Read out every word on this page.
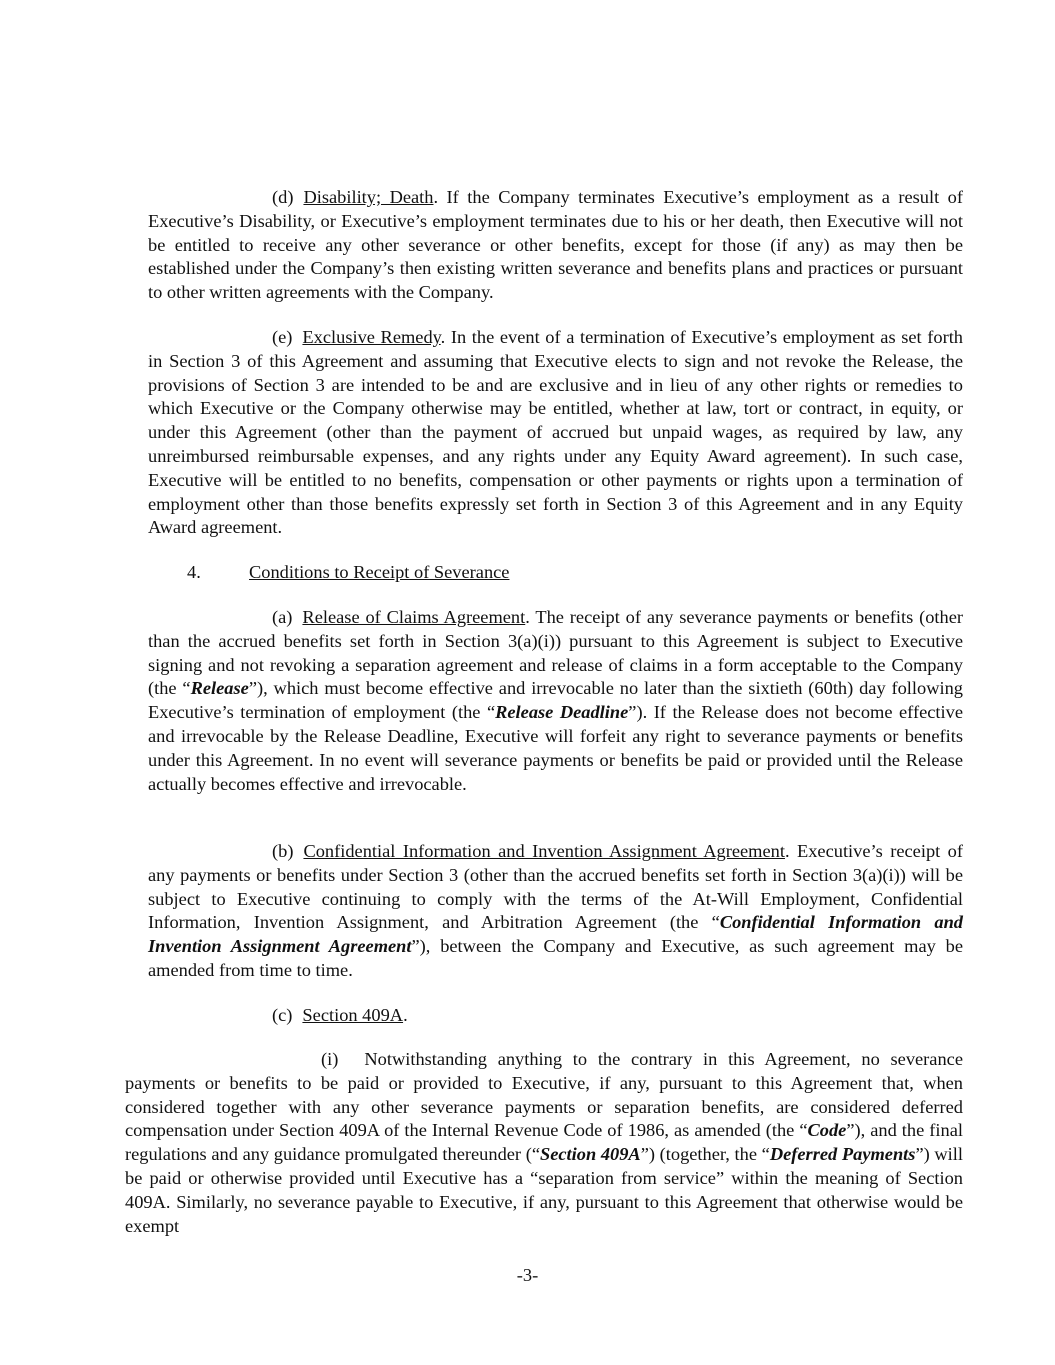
(d) Disability; Death. If the Company terminates Executive’s employment as a result of Executive’s Disability, or Executive’s employment terminates due to his or her death, then Executive will not be entitled to receive any other severance or other benefits, except for those (if any) as may then be established under the Company’s then existing written severance and benefits plans and practices or pursuant to other written agreements with the Company.

(e) Exclusive Remedy. In the event of a termination of Executive’s employment as set forth in Section 3 of this Agreement and assuming that Executive elects to sign and not revoke the Release, the provisions of Section 3 are intended to be and are exclusive and in lieu of any other rights or remedies to which Executive or the Company otherwise may be entitled, whether at law, tort or contract, in equity, or under this Agreement (other than the payment of accrued but unpaid wages, as required by law, any unreimbursed reimbursable expenses, and any rights under any Equity Award agreement). In such case, Executive will be entitled to no benefits, compensation or other payments or rights upon a termination of employment other than those benefits expressly set forth in Section 3 of this Agreement and in any Equity Award agreement.

4.	Conditions to Receipt of Severance

(a) Release of Claims Agreement. The receipt of any severance payments or benefits (other than the accrued benefits set forth in Section 3(a)(i)) pursuant to this Agreement is subject to Executive signing and not revoking a separation agreement and release of claims in a form acceptable to the Company (the “Release”), which must become effective and irrevocable no later than the sixtieth (60th) day following Executive’s termination of employment (the “Release Deadline”). If the Release does not become effective and irrevocable by the Release Deadline, Executive will forfeit any right to severance payments or benefits under this Agreement. In no event will severance payments or benefits be paid or provided until the Release actually becomes effective and irrevocable.

(b) Confidential Information and Invention Assignment Agreement. Executive’s receipt of any payments or benefits under Section 3 (other than the accrued benefits set forth in Section 3(a)(i)) will be subject to Executive continuing to comply with the terms of the At-Will Employment, Confidential Information, Invention Assignment, and Arbitration Agreement (the “Confidential Information and Invention Assignment Agreement”), between the Company and Executive, as such agreement may be amended from time to time.

(c) Section 409A.

(i) Notwithstanding anything to the contrary in this Agreement, no severance payments or benefits to be paid or provided to Executive, if any, pursuant to this Agreement that, when considered together with any other severance payments or separation benefits, are considered deferred compensation under Section 409A of the Internal Revenue Code of 1986, as amended (the “Code”), and the final regulations and any guidance promulgated thereunder (“Section 409A”) (together, the “Deferred Payments”) will be paid or otherwise provided until Executive has a “separation from service” within the meaning of Section 409A. Similarly, no severance payable to Executive, if any, pursuant to this Agreement that otherwise would be exempt

-3-
